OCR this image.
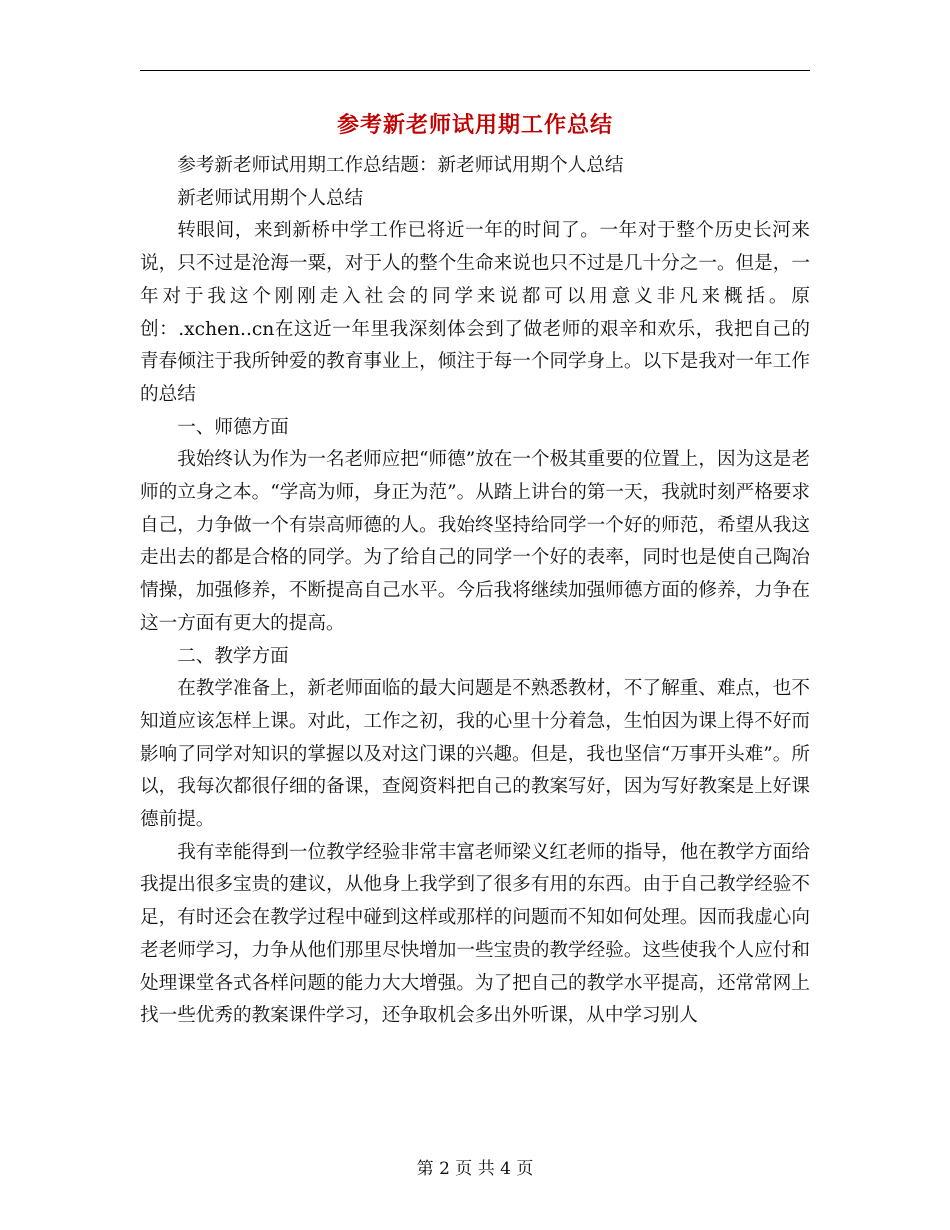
参考新老师试用期工作总结

参考新老师试用期工作总结题：新老师试用期个人总结

新老师试用期个人总结

转眼间，来到新桥中学工作已将近一年的时间了。一年对于整个历史长河来说，只不过是沧海一粟，对于人的整个生命来说也只不过是几十分之一。但是，一年对于我这个刚刚走入社会的同学来说都可以用意义非凡来概括。原创：.xchen..cn在这近一年里我深刻体会到了做老师的艰辛和欢乐，我把自己的青春倾注于我所钟爱的教育事业上，倾注于每一个同学身上。以下是我对一年工作的总结

一、师德方面

我始终认为作为一名老师应把“师德”放在一个极其重要的位置上，因为这是老师的立身之本。“学高为师，身正为范”。从踏上讲台的第一天，我就时刻严格要求自己，力争做一个有崇高师德的人。我始终坚持给同学一个好的师范，希望从我这走出去的都是合格的同学。为了给自己的同学一个好的表率，同时也是使自己陶冶情操，加强修养，不断提高自己水平。今后我将继续加强师德方面的修养，力争在这一方面有更大的提高。

二、教学方面

在教学准备上，新老师面临的最大问题是不熟悉教材，不了解重、难点，也不知道应该怎样上课。对此，工作之初，我的心里十分着急，生怕因为课上得不好而影响了同学对知识的掌握以及对这门课的兴趣。但是，我也坚信“万事开头难”。所以，我每次都很仔细的备课，查阅资料把自己的教案写好，因为写好教案是上好课德前提。

我有幸能得到一位教学经验非常丰富老师梁义红老师的指导，他在教学方面给我提出很多宝贵的建议，从他身上我学到了很多有用的东西。由于自己教学经验不足，有时还会在教学过程中碰到这样或那样的问题而不知如何处理。因而我虚心向老老师学习，力争从他们那里尽快增加一些宝贵的教学经验。这些使我个人应付和处理课堂各式各样问题的能力大大增强。为了把自己的教学水平提高，还常常网上找一些优秀的教案课件学习，还争取机会多出外听课，从中学习别人

第 2 页 共 4 页
